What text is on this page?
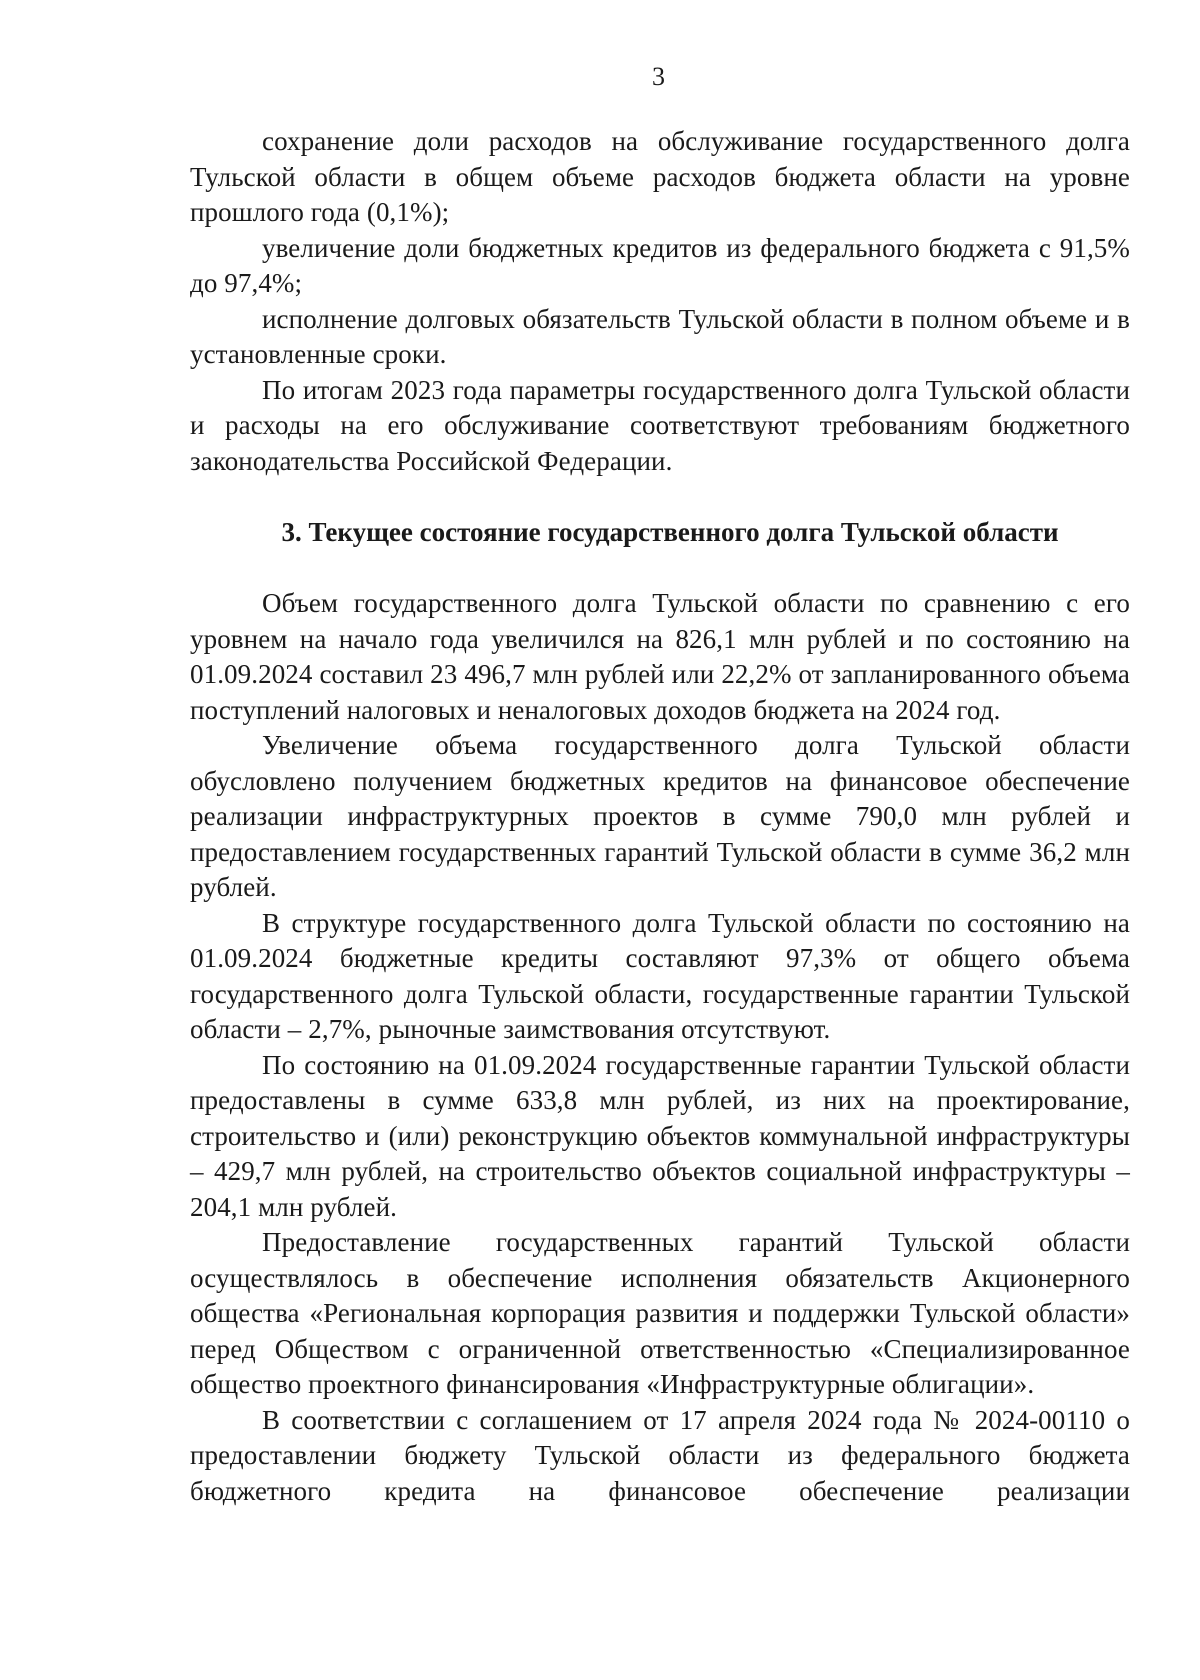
3

сохранение доли расходов на обслуживание государственного долга Тульской области в общем объеме расходов бюджета области на уровне прошлого года (0,1%);

увеличение доли бюджетных кредитов из федерального бюджета с 91,5% до 97,4%;

исполнение долговых обязательств Тульской области в полном объеме и в установленные сроки.

По итогам 2023 года параметры государственного долга Тульской области и расходы на его обслуживание соответствуют требованиям бюджетного законодательства Российской Федерации.

3. Текущее состояние государственного долга Тульской области

Объем государственного долга Тульской области по сравнению с его уровнем на начало года увеличился на 826,1 млн рублей и по состоянию на 01.09.2024 составил 23 496,7 млн рублей или 22,2% от запланированного объема поступлений налоговых и неналоговых доходов бюджета на 2024 год.

Увеличение объема государственного долга Тульской области обусловлено получением бюджетных кредитов на финансовое обеспечение реализации инфраструктурных проектов в сумме 790,0 млн рублей и предоставлением государственных гарантий Тульской области в сумме 36,2 млн рублей.

В структуре государственного долга Тульской области по состоянию на 01.09.2024 бюджетные кредиты составляют 97,3% от общего объема государственного долга Тульской области, государственные гарантии Тульской области – 2,7%, рыночные заимствования отсутствуют.

По состоянию на 01.09.2024 государственные гарантии Тульской области предоставлены в сумме 633,8 млн рублей, из них на проектирование, строительство и (или) реконструкцию объектов коммунальной инфраструктуры – 429,7 млн рублей, на строительство объектов социальной инфраструктуры – 204,1 млн рублей.

Предоставление государственных гарантий Тульской области осуществлялось в обеспечение исполнения обязательств Акционерного общества «Региональная корпорация развития и поддержки Тульской области» перед Обществом с ограниченной ответственностью «Специализированное общество проектного финансирования «Инфраструктурные облигации».

В соответствии с соглашением от 17 апреля 2024 года № 2024-00110 о предоставлении бюджету Тульской области из федерального бюджета бюджетного кредита на финансовое обеспечение реализации
